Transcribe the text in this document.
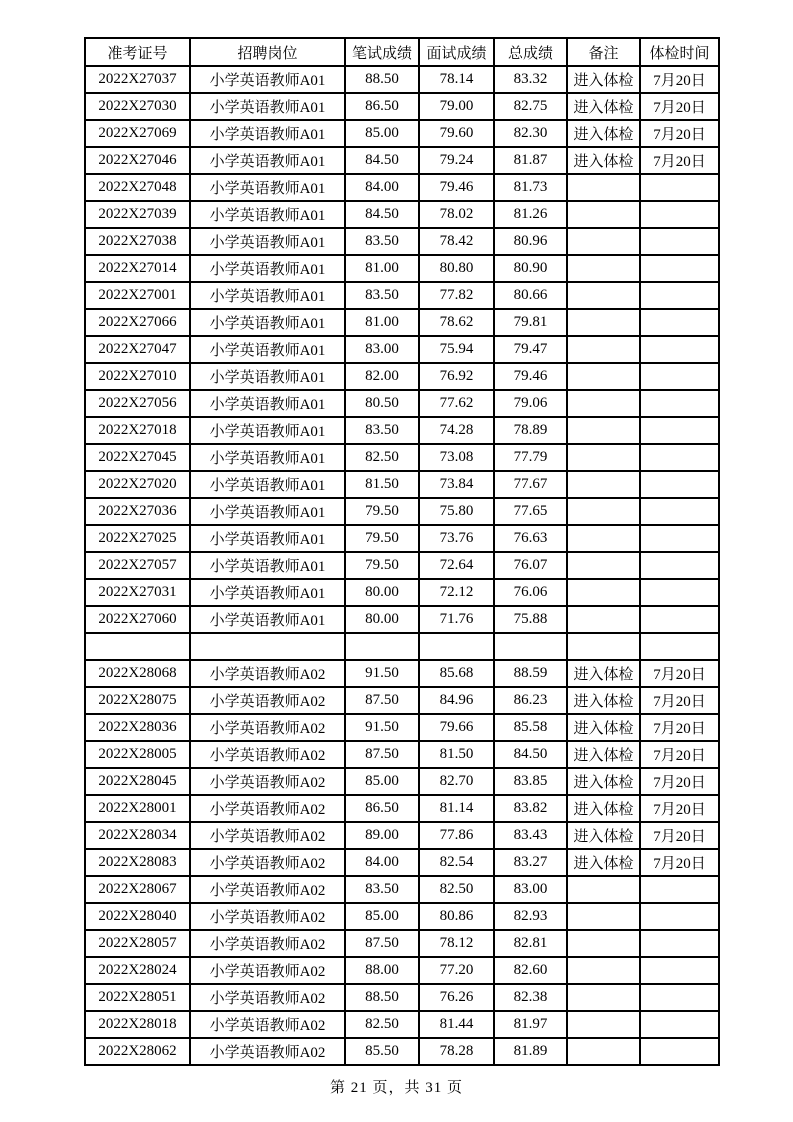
准考证号	招聘岗位	笔试成绩	面试成绩	总成绩	备注	体检时间
2022X27037	小学英语教师A01	88.50	78.14	83.32	进入体检	7月20日
2022X27030	小学英语教师A01	86.50	79.00	82.75	进入体检	7月20日
2022X27069	小学英语教师A01	85.00	79.60	82.30	进入体检	7月20日
2022X27046	小学英语教师A01	84.50	79.24	81.87	进入体检	7月20日
2022X27048	小学英语教师A01	84.00	79.46	81.73		
2022X27039	小学英语教师A01	84.50	78.02	81.26		
2022X27038	小学英语教师A01	83.50	78.42	80.96		
2022X27014	小学英语教师A01	81.00	80.80	80.90		
2022X27001	小学英语教师A01	83.50	77.82	80.66		
2022X27066	小学英语教师A01	81.00	78.62	79.81		
2022X27047	小学英语教师A01	83.00	75.94	79.47		
2022X27010	小学英语教师A01	82.00	76.92	79.46		
2022X27056	小学英语教师A01	80.50	77.62	79.06		
2022X27018	小学英语教师A01	83.50	74.28	78.89		
2022X27045	小学英语教师A01	82.50	73.08	77.79		
2022X27020	小学英语教师A01	81.50	73.84	77.67		
2022X27036	小学英语教师A01	79.50	75.80	77.65		
2022X27025	小学英语教师A01	79.50	73.76	76.63		
2022X27057	小学英语教师A01	79.50	72.64	76.07		
2022X27031	小学英语教师A01	80.00	72.12	76.06		
2022X27060	小学英语教师A01	80.00	71.76	75.88		

2022X28068	小学英语教师A02	91.50	85.68	88.59	进入体检	7月20日
2022X28075	小学英语教师A02	87.50	84.96	86.23	进入体检	7月20日
2022X28036	小学英语教师A02	91.50	79.66	85.58	进入体检	7月20日
2022X28005	小学英语教师A02	87.50	81.50	84.50	进入体检	7月20日
2022X28045	小学英语教师A02	85.00	82.70	83.85	进入体检	7月20日
2022X28001	小学英语教师A02	86.50	81.14	83.82	进入体检	7月20日
2022X28034	小学英语教师A02	89.00	77.86	83.43	进入体检	7月20日
2022X28083	小学英语教师A02	84.00	82.54	83.27	进入体检	7月20日
2022X28067	小学英语教师A02	83.50	82.50	83.00		
2022X28040	小学英语教师A02	85.00	80.86	82.93		
2022X28057	小学英语教师A02	87.50	78.12	82.81		
2022X28024	小学英语教师A02	88.00	77.20	82.60		
2022X28051	小学英语教师A02	88.50	76.26	82.38		
2022X28018	小学英语教师A02	82.50	81.44	81.97		
2022X28062	小学英语教师A02	85.50	78.28	81.89		
第 21 页，共 31 页
